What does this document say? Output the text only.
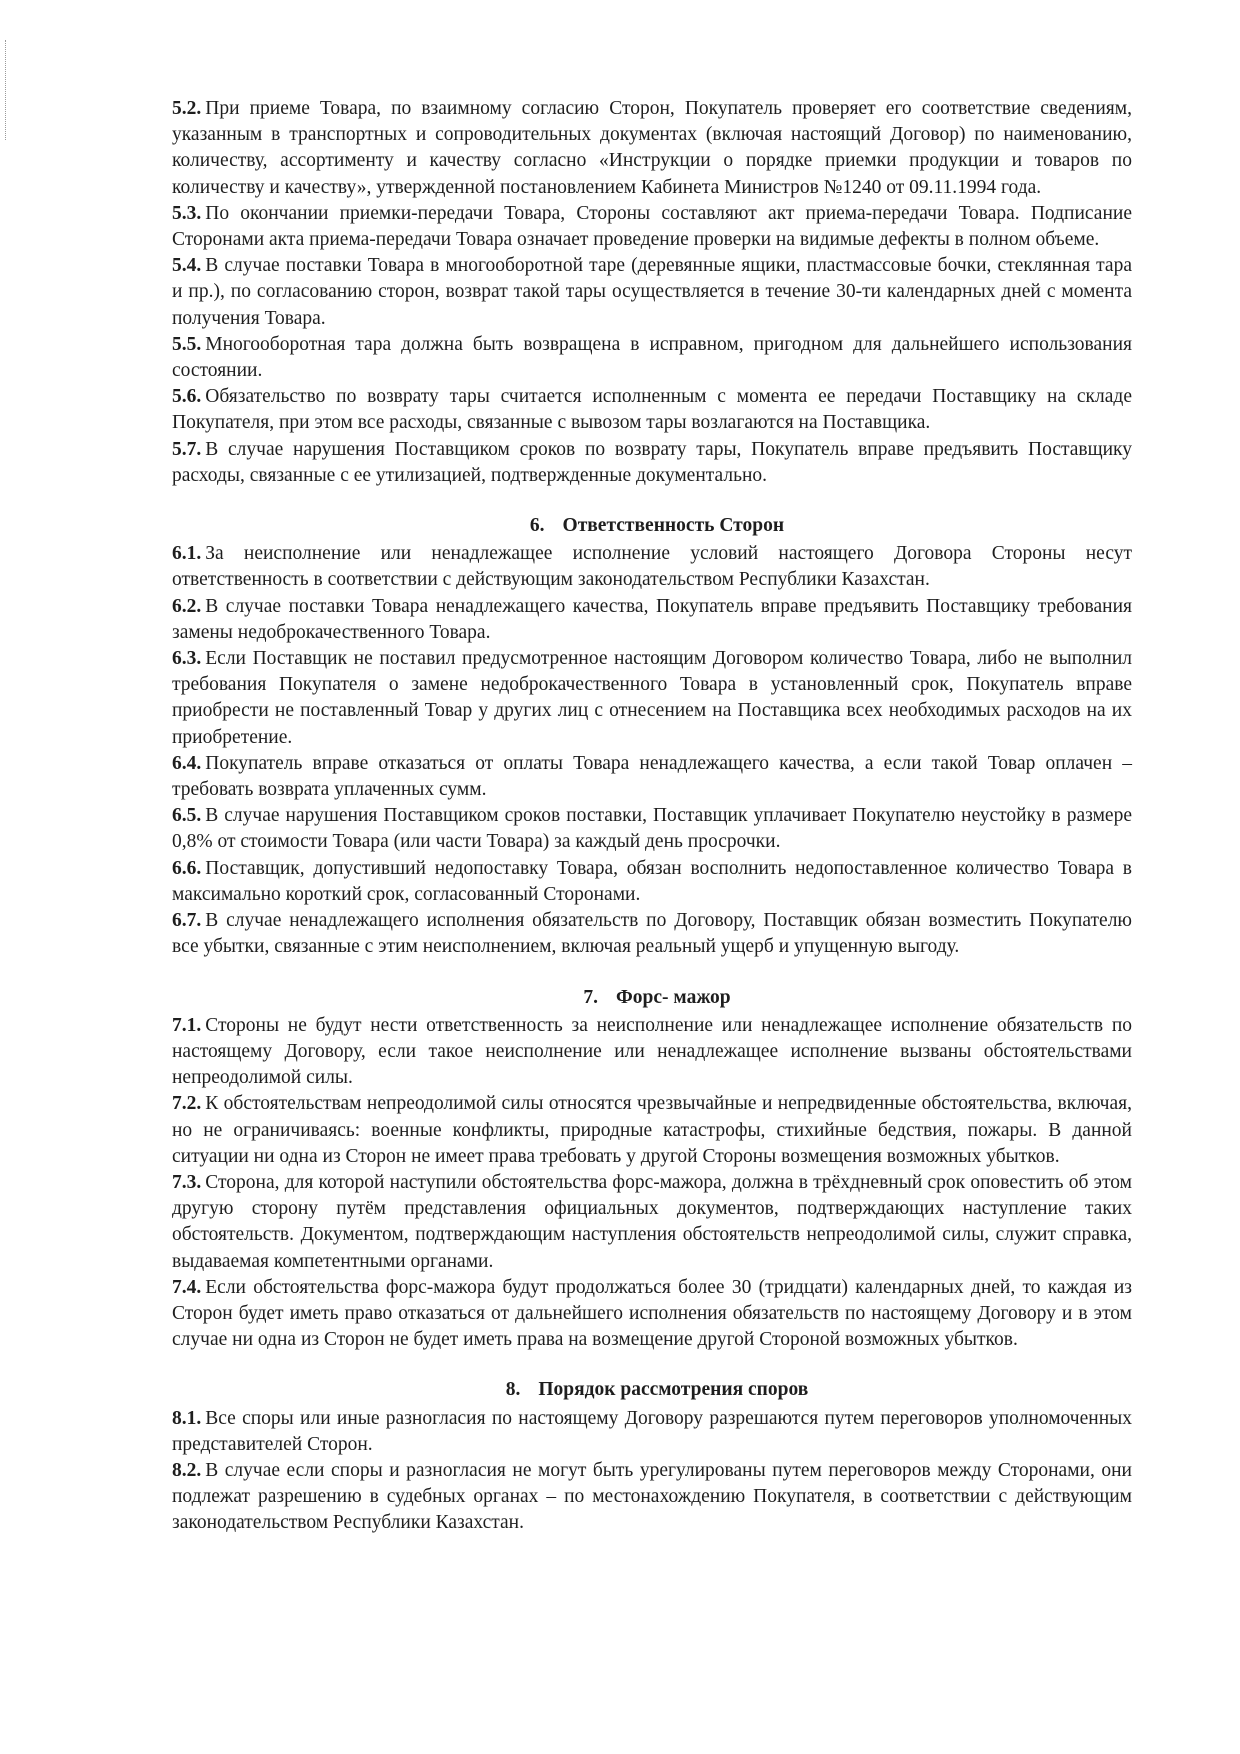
5.2. При приеме Товара, по взаимному согласию Сторон, Покупатель проверяет его соответствие сведениям, указанным в транспортных и сопроводительных документах (включая настоящий Договор) по наименованию, количеству, ассортименту и качеству согласно «Инструкции о порядке приемки продукции и товаров по количеству и качеству», утвержденной постановлением Кабинета Министров №1240 от 09.11.1994 года.

5.3. По окончании приемки-передачи Товара, Стороны составляют акт приема-передачи Товара. Подписание Сторонами акта приема-передачи Товара означает проведение проверки на видимые дефекты в полном объеме.

5.4. В случае поставки Товара в многооборотной таре (деревянные ящики, пластмассовые бочки, стеклянная тара и пр.), по согласованию сторон, возврат такой тары осуществляется в течение 30-ти календарных дней с момента получения Товара.

5.5. Многооборотная тара должна быть возвращена в исправном, пригодном для дальнейшего использования состоянии.

5.6. Обязательство по возврату тары считается исполненным с момента ее передачи Поставщику на складе Покупателя, при этом все расходы, связанные с вывозом тары возлагаются на Поставщика.

5.7. В случае нарушения Поставщиком сроков по возврату тары, Покупатель вправе предъявить Поставщику расходы, связанные с ее утилизацией, подтвержденные документально.

6. Ответственность Сторон

6.1. За неисполнение или ненадлежащее исполнение условий настоящего Договора Стороны несут ответственность в соответствии с действующим законодательством Республики Казахстан.

6.2. В случае поставки Товара ненадлежащего качества, Покупатель вправе предъявить Поставщику требования замены недоброкачественного Товара.

6.3. Если Поставщик не поставил предусмотренное настоящим Договором количество Товара, либо не выполнил требования Покупателя о замене недоброкачественного Товара в установленный срок, Покупатель вправе приобрести не поставленный Товар у других лиц с отнесением на Поставщика всех необходимых расходов на их приобретение.

6.4. Покупатель вправе отказаться от оплаты Товара ненадлежащего качества, а если такой Товар оплачен – требовать возврата уплаченных сумм.

6.5. В случае нарушения Поставщиком сроков поставки, Поставщик уплачивает Покупателю неустойку в размере 0,8% от стоимости Товара (или части Товара) за каждый день просрочки.

6.6. Поставщик, допустивший недопоставку Товара, обязан восполнить недопоставленное количество Товара в максимально короткий срок, согласованный Сторонами.

6.7. В случае ненадлежащего исполнения обязательств по Договору, Поставщик обязан возместить Покупателю все убытки, связанные с этим неисполнением, включая реальный ущерб и упущенную выгоду.

7. Форс- мажор

7.1. Стороны не будут нести ответственность за неисполнение или ненадлежащее исполнение обязательств по настоящему Договору, если такое неисполнение или ненадлежащее исполнение вызваны обстоятельствами непреодолимой силы.

7.2. К обстоятельствам непреодолимой силы относятся чрезвычайные и непредвиденные обстоятельства, включая, но не ограничиваясь: военные конфликты, природные катастрофы, стихийные бедствия, пожары. В данной ситуации ни одна из Сторон не имеет права требовать у другой Стороны возмещения возможных убытков.

7.3. Сторона, для которой наступили обстоятельства форс-мажора, должна в трёхдневный срок оповестить об этом другую сторону путём представления официальных документов, подтверждающих наступление таких обстоятельств. Документом, подтверждающим наступления обстоятельств непреодолимой силы, служит справка, выдаваемая компетентными органами.

7.4. Если обстоятельства форс-мажора будут продолжаться более 30 (тридцати) календарных дней, то каждая из Сторон будет иметь право отказаться от дальнейшего исполнения обязательств по настоящему Договору и в этом случае ни одна из Сторон не будет иметь права на возмещение другой Стороной возможных убытков.

8. Порядок рассмотрения споров

8.1. Все споры или иные разногласия по настоящему Договору разрешаются путем переговоров уполномоченных представителей Сторон.

8.2. В случае если споры и разногласия не могут быть урегулированы путем переговоров между Сторонами, они подлежат разрешению в судебных органах – по местонахождению Покупателя, в соответствии с действующим законодательством Республики Казахстан.
